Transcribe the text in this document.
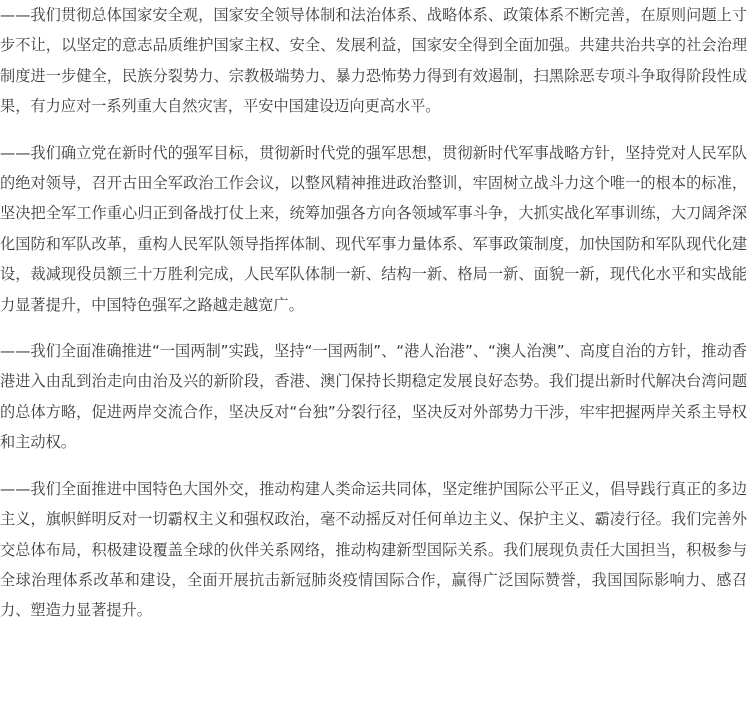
——我们贯彻总体国家安全观，国家安全领导体制和法治体系、战略体系、政策体系不断完善，在原则问题上寸步不让，以坚定的意志品质维护国家主权、安全、发展利益，国家安全得到全面加强。共建共治共享的社会治理制度进一步健全，民族分裂势力、宗教极端势力、暴力恐怖势力得到有效遏制，扫黑除恶专项斗争取得阶段性成果，有力应对一系列重大自然灾害，平安中国建设迈向更高水平。

——我们确立党在新时代的强军目标，贯彻新时代党的强军思想，贯彻新时代军事战略方针，坚持党对人民军队的绝对领导，召开古田全军政治工作会议，以整风精神推进政治整训，牢固树立战斗力这个唯一的根本的标准，坚决把全军工作重心归正到备战打仗上来，统筹加强各方向各领域军事斗争，大抓实战化军事训练，大刀阔斧深化国防和军队改革，重构人民军队领导指挥体制、现代军事力量体系、军事政策制度，加快国防和军队现代化建设，裁减现役员额三十万胜利完成，人民军队体制一新、结构一新、格局一新、面貌一新，现代化水平和实战能力显著提升，中国特色强军之路越走越宽广。

——我们全面准确推进“一国两制”实践，坚持“一国两制”、“港人治港”、“澳人治澳”、高度自治的方针，推动香港进入由乱到治走向由治及兴的新阶段，香港、澳门保持长期稳定发展良好态势。我们提出新时代解决台湾问题的总体方略，促进两岸交流合作，坚决反对“台独”分裂行径，坚决反对外部势力干涉，牢牢把握两岸关系主导权和主动权。

——我们全面推进中国特色大国外交，推动构建人类命运共同体，坚定维护国际公平正义，倡导践行真正的多边主义，旗帜鲜明反对一切霸权主义和强权政治，毫不动摇反对任何单边主义、保护主义、霸凌行径。我们完善外交总体布局，积极建设覆盖全球的伙伴关系网络，推动构建新型国际关系。我们展现负责任大国担当，积极参与全球治理体系改革和建设，全面开展抗击新冠肺炎疫情国际合作，赢得广泛国际赞誉，我国国际影响力、感召力、塑造力显著提升。
